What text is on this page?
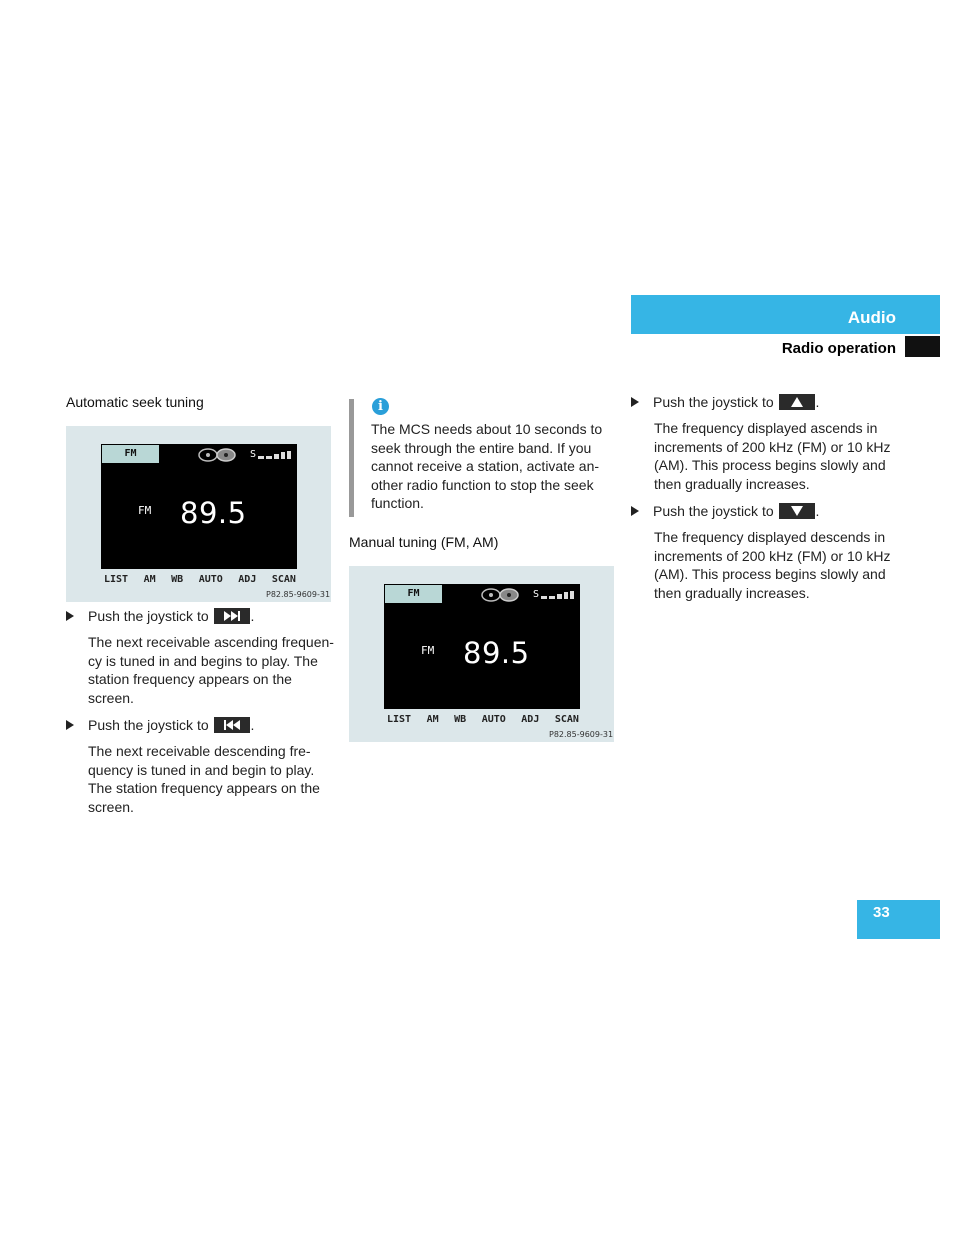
Audio
Radio operation
Automatic seek tuning
FM	S
FM 89.5
LIST AM WB AUTO ADJ SCAN
P82.85-9609-31
Push the joystick to	.
The next receivable ascending frequen-
cy is tuned in and begins to play. The
station frequency appears on the
screen.
Push the joystick to	.
The next receivable descending fre-
quency is tuned in and begin to play.
The station frequency appears on the
screen.
i
The MCS needs about 10 seconds to
seek through the entire band. If you
cannot receive a station, activate an-
other radio function to stop the seek
function.
Manual tuning (FM, AM)
FM	S
FM 89.5
LIST AM WB AUTO ADJ SCAN
P82.85-9609-31
Push the joystick to	.
The frequency displayed ascends in
increments of 200 kHz (FM) or 10 kHz
(AM). This process begins slowly and
then gradually increases.
Push the joystick to	.
The frequency displayed descends in
increments of 200 kHz (FM) or 10 kHz
(AM). This process begins slowly and
then gradually increases.
33
